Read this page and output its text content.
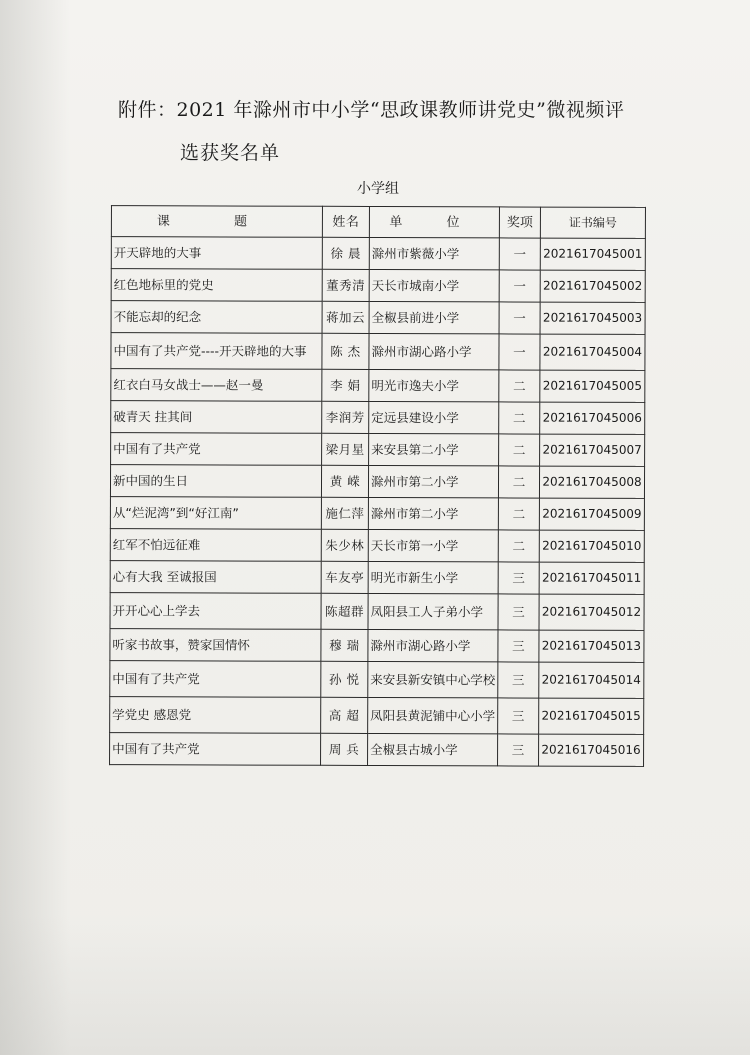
附件：2021 年滁州市中小学“思政课教师讲党史”微视频评
选获奖名单
小学组
课 题	姓名	单 位	奖项	证书编号
开天辟地的大事	徐 晨	滁州市紫薇小学	一	2021617045001
红色地标里的党史	董秀清	天长市城南小学	一	2021617045002
不能忘却的纪念	蒋加云	全椒县前进小学	一	2021617045003
中国有了共产党----开天辟地的大事	陈 杰	滁州市湖心路小学	一	2021617045004
红衣白马女战士——赵一曼	李 娟	明光市逸夫小学	二	2021617045005
破青天 拄其间	李润芳	定远县建设小学	二	2021617045006
中国有了共产党	梁月星	来安县第二小学	二	2021617045007
新中国的生日	黄 嵘	滁州市第二小学	二	2021617045008
从“烂泥湾”到“好江南”	施仁萍	滁州市第二小学	二	2021617045009
红军不怕远征难	朱少林	天长市第一小学	二	2021617045010
心有大我 至诚报国	车友亭	明光市新生小学	三	2021617045011
开开心心上学去	陈超群	凤阳县工人子弟小学	三	2021617045012
听家书故事，赞家国情怀	穆 瑞	滁州市湖心路小学	三	2021617045013
中国有了共产党	孙 悦	来安县新安镇中心学校	三	2021617045014
学党史 感恩党	高 超	凤阳县黄泥铺中心小学	三	2021617045015
中国有了共产党	周 兵	全椒县古城小学	三	2021617045016
